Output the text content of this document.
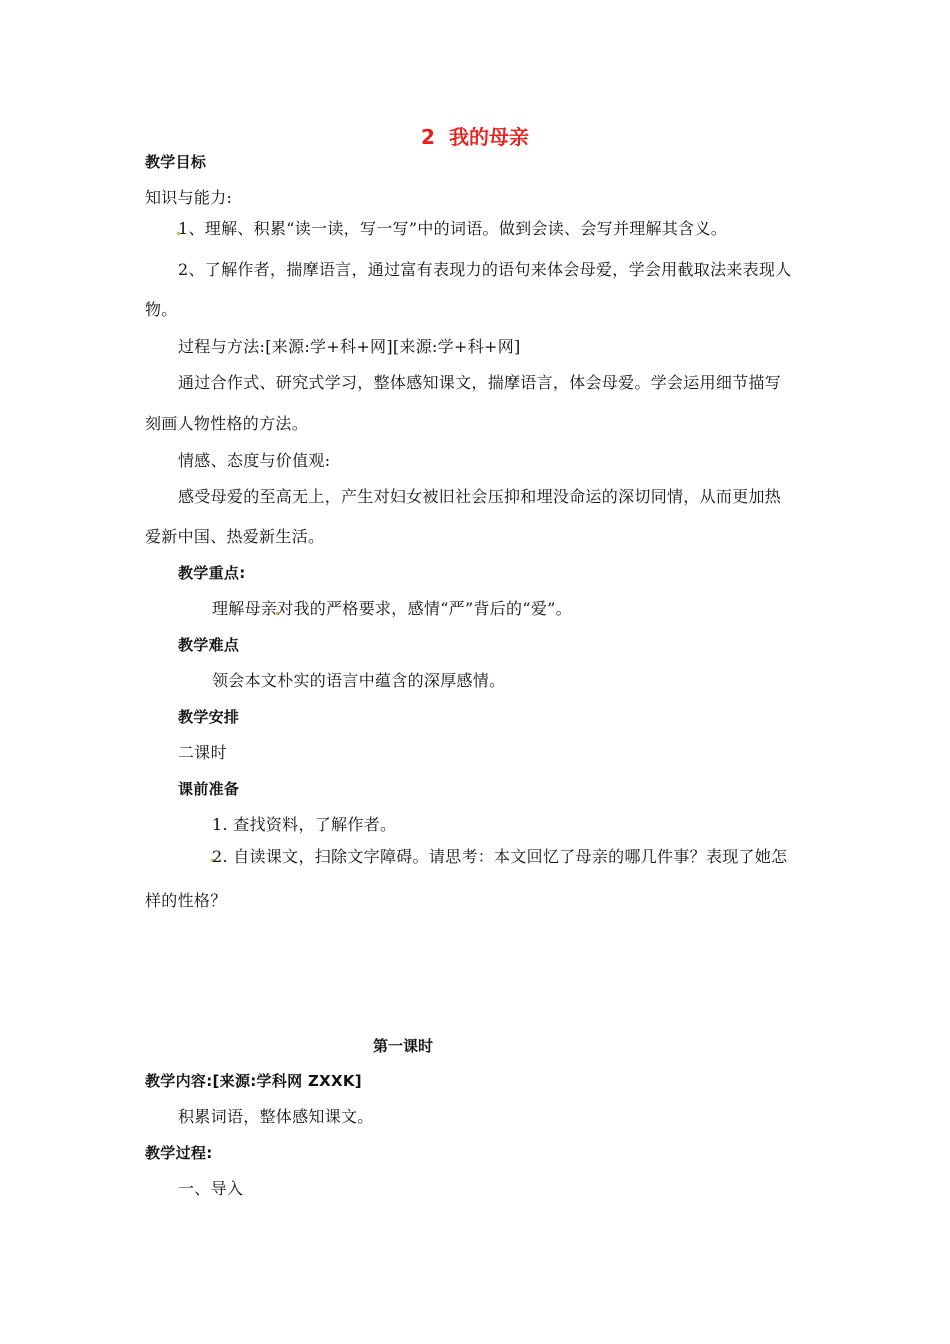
2 我的母亲
教学目标
知识与能力:
1、理解、积累“读一读，写一写”中的词语。做到会读、会写并理解其含义。
2、了解作者，揣摩语言，通过富有表现力的语句来体会母爱，学会用截取法来表现人
物。
过程与方法:[来源:学+科+网][来源:学+科+网]
通过合作式、研究式学习，整体感知课文，揣摩语言，体会母爱。学会运用细节描写
刻画人物性格的方法。
情感、态度与价值观:
感受母爱的至高无上，产生对妇女被旧社会压抑和埋没命运的深切同情，从而更加热
爱新中国、热爱新生活。
教学重点:
理解母亲对我的严格要求，感情“严”背后的“爱”。
教学难点
领会本文朴实的语言中蕴含的深厚感情。
教学安排
二课时
课前准备
1. 查找资料，了解作者。
2. 自读课文，扫除文字障碍。请思考：本文回忆了母亲的哪几件事？表现了她怎
样的性格？
第一课时
教学内容:[来源:学科网 ZXXK]
积累词语，整体感知课文。
教学过程:
一、导入
